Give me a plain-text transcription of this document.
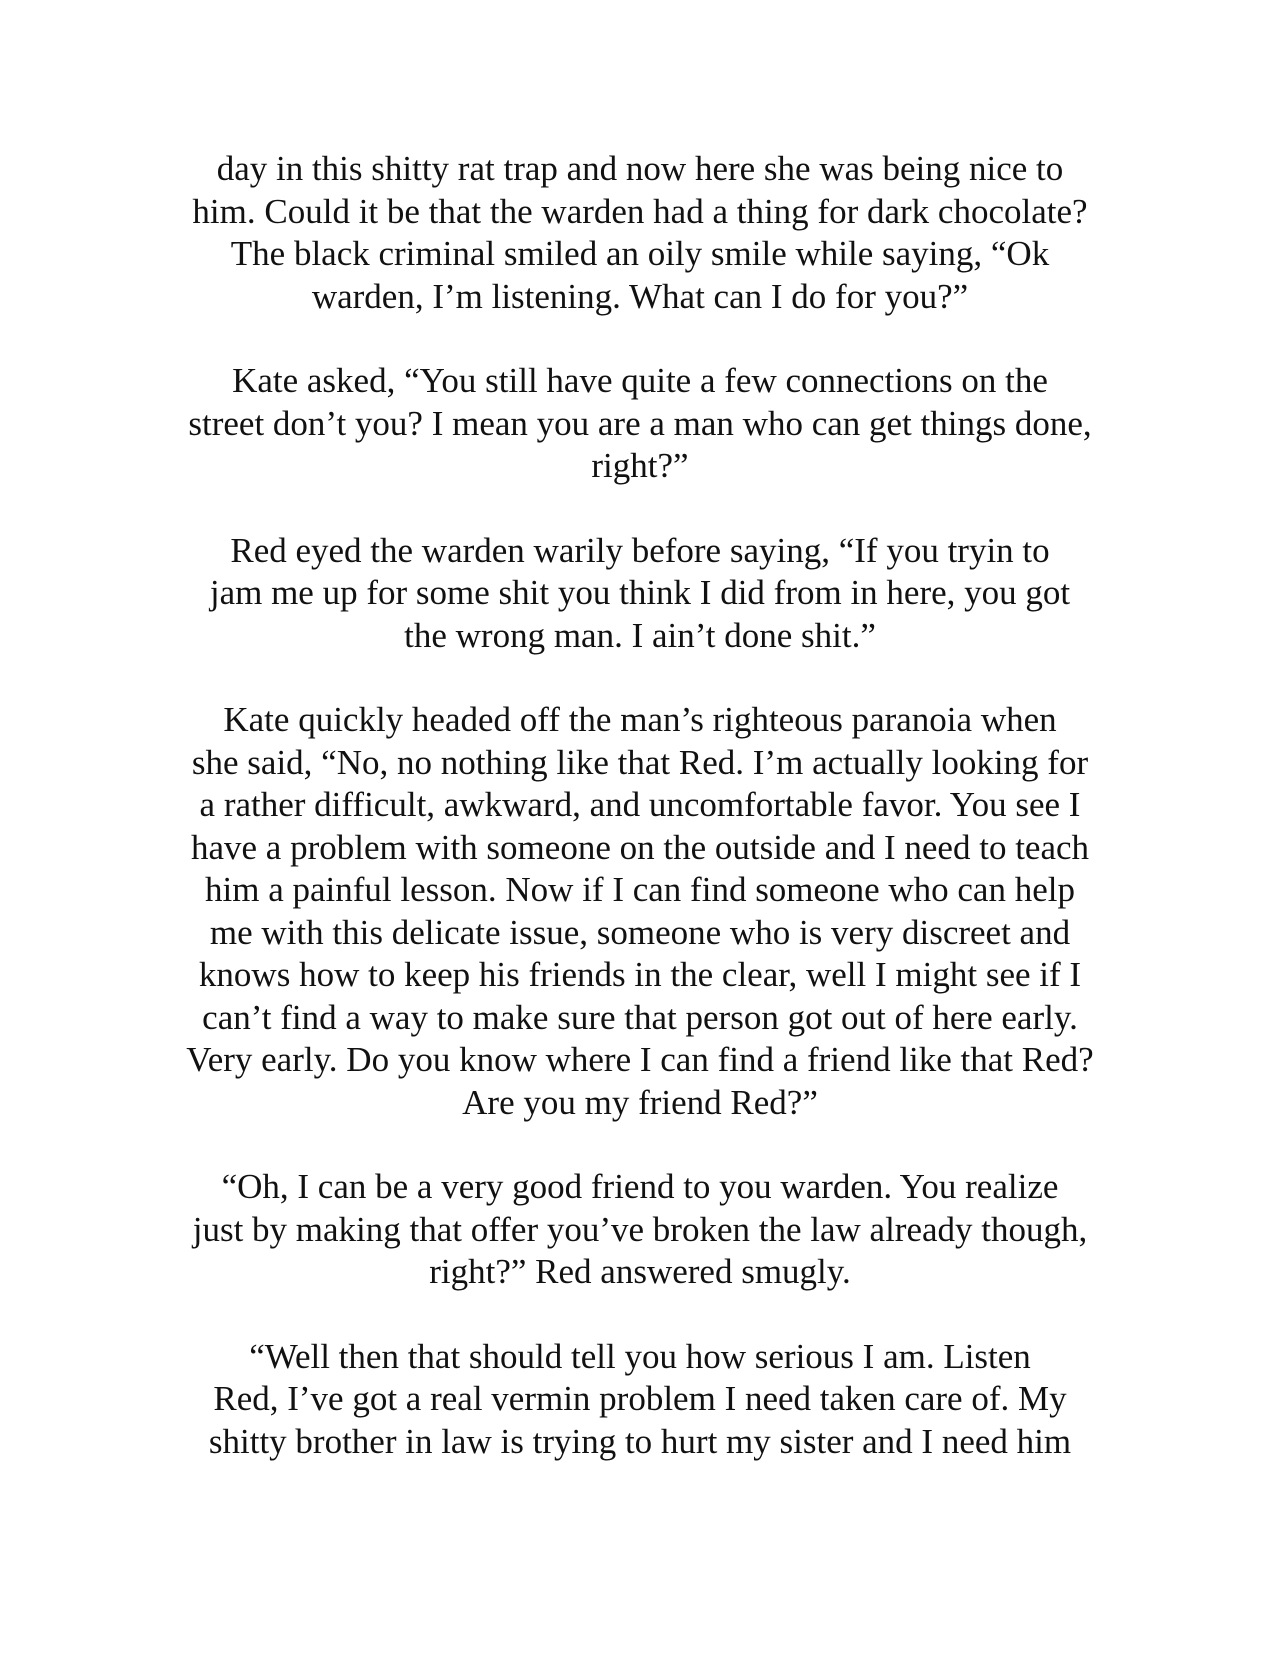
day in this shitty rat trap and now here she was being nice to
him. Could it be that the warden had a thing for dark chocolate?
The black criminal smiled an oily smile while saying, “Ok
warden, I’m listening. What can I do for you?”

Kate asked, “You still have quite a few connections on the
street don’t you? I mean you are a man who can get things done,
right?”

Red eyed the warden warily before saying, “If you tryin to
jam me up for some shit you think I did from in here, you got
the wrong man. I ain’t done shit.”

Kate quickly headed off the man’s righteous paranoia when
she said, “No, no nothing like that Red. I’m actually looking for
a rather difficult, awkward, and uncomfortable favor. You see I
have a problem with someone on the outside and I need to teach
him a painful lesson. Now if I can find someone who can help
me with this delicate issue, someone who is very discreet and
knows how to keep his friends in the clear, well I might see if I
can’t find a way to make sure that person got out of here early.
Very early. Do you know where I can find a friend like that Red?
Are you my friend Red?”

“Oh, I can be a very good friend to you warden. You realize
just by making that offer you’ve broken the law already though,
right?” Red answered smugly.

“Well then that should tell you how serious I am. Listen
Red, I’ve got a real vermin problem I need taken care of. My
shitty brother in law is trying to hurt my sister and I need him
